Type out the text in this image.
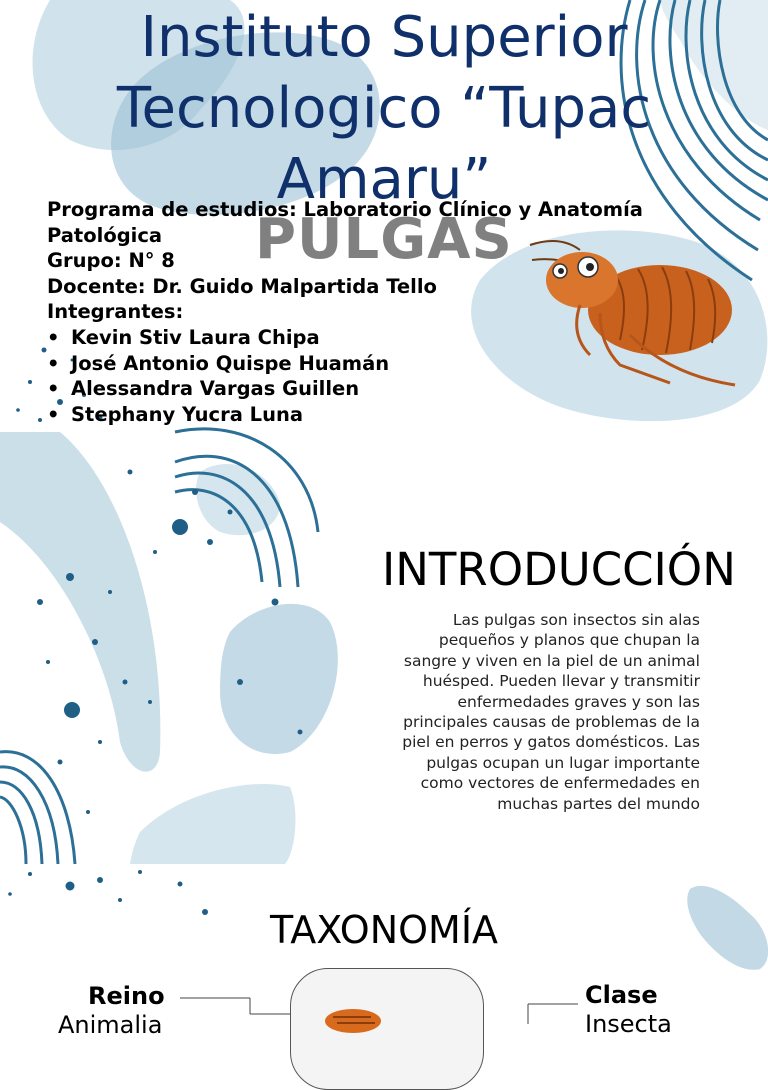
Instituto Superior Tecnologico “Tupac Amaru”
PULGAS
Programa de estudios: Laboratorio Clínico y Anatomía
Patológica
Grupo: N° 8
Docente: Dr. Guido Malpartida Tello
Integrantes:
• Kevin Stiv Laura Chipa
• José Antonio Quispe Huamán
• Alessandra Vargas Guillen
• Stephany Yucra Luna
INTRODUCCIÓN
Las pulgas son insectos sin alas pequeños y planos que chupan la sangre y viven en la piel de un animal huésped. Pueden llevar y transmitir enfermedades graves y son las principales causas de problemas de la piel en perros y gatos domésticos. Las pulgas ocupan un lugar importante como vectores de enfermedades en muchas partes del mundo
TAXONOMÍA
Reino
Animalia
Clase
Insecta
